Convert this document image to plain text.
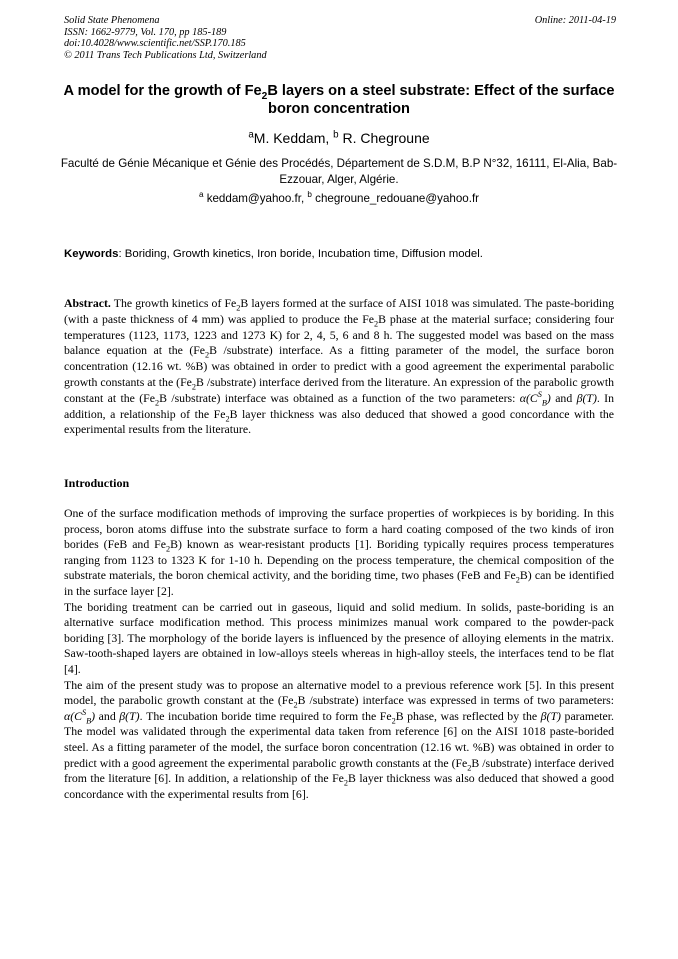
Solid State Phenomena
ISSN: 1662-9779, Vol. 170, pp 185-189
doi:10.4028/www.scientific.net/SSP.170.185
© 2011 Trans Tech Publications Ltd, Switzerland
Online: 2011-04-19
A model for the growth of $Fe_2B$ layers on a steel substrate: Effect of the surface boron concentration
$^a$M. Keddam, $^b$ R. Chegroune
Faculté de Génie Mécanique et Génie des Procédés, Département de S.D.M, B.P N°32, 16111, El-Alia, Bab- Ezzouar, Alger, Algérie.
$^a$ keddam@yahoo.fr, $^b$ chegroune_redouane@yahoo.fr
Keywords: Boriding, Growth kinetics, Iron boride, Incubation time, Diffusion model.
Abstract. The growth kinetics of $Fe_2B$ layers formed at the surface of AISI 1018 was simulated. The paste-boriding (with a paste thickness of 4 mm) was applied to produce the $Fe_2B$ phase at the material surface; considering four temperatures (1123, 1173, 1223 and 1273 K) for 2, 4, 5, 6 and 8 h. The suggested model was based on the mass balance equation at the ($Fe_2B$ /substrate) interface. As a fitting parameter of the model, the surface boron concentration (12.16 wt. %B) was obtained in order to predict with a good agreement the experimental parabolic growth constants at the ($Fe_2B$ /substrate) interface derived from the literature. An expression of the parabolic growth constant at the ($Fe_2B$ /substrate) interface was obtained as a function of the two parameters: $\alpha(C^S_B)$ and β(T). In addition, a relationship of the $Fe_2B$ layer thickness was also deduced that showed a good concordance with the experimental results from the literature.
Introduction

One of the surface modification methods of improving the surface properties of workpieces is by boriding. In this process, boron atoms diffuse into the substrate surface to form a hard coating composed of the two kinds of iron borides (FeB and $Fe_2B$) known as wear-resistant products [1]. Boriding typically requires process temperatures ranging from 1123 to 1323 K for 1-10 h. Depending on the process temperature, the chemical composition of the substrate materials, the boron chemical activity, and the boriding time, two phases (FeB and $Fe_2B$) can be identified in the surface layer [2].

The boriding treatment can be carried out in gaseous, liquid and solid medium. In solids, paste-boriding is an alternative surface modification method. This process minimizes manual work compared to the powder-pack boriding [3]. The morphology of the boride layers is influenced by the presence of alloying elements in the matrix. Saw-tooth-shaped layers are obtained in low-alloys steels whereas in high-alloy steels, the interfaces tend to be flat [4].

The aim of the present study was to propose an alternative model to a previous reference work [5]. In this present model, the parabolic growth constant at the ($Fe_2B$ /substrate) interface was expressed in terms of two parameters: $\alpha(C^S_B)$ and β(T). The incubation boride time required to form the $Fe_2B$ phase, was reflected by the β(T) parameter. The model was validated through the experimental data taken from reference [6] on the AISI 1018 paste-borided steel. As a fitting parameter of the model, the surface boron concentration (12.16 wt. %B) was obtained in order to predict with a good agreement the experimental parabolic growth constants at the ($Fe_2B$ /substrate) interface derived from the literature [6]. In addition, a relationship of the $Fe_2B$ layer thickness was also deduced that showed a good concordance with the experimental results from [6].
